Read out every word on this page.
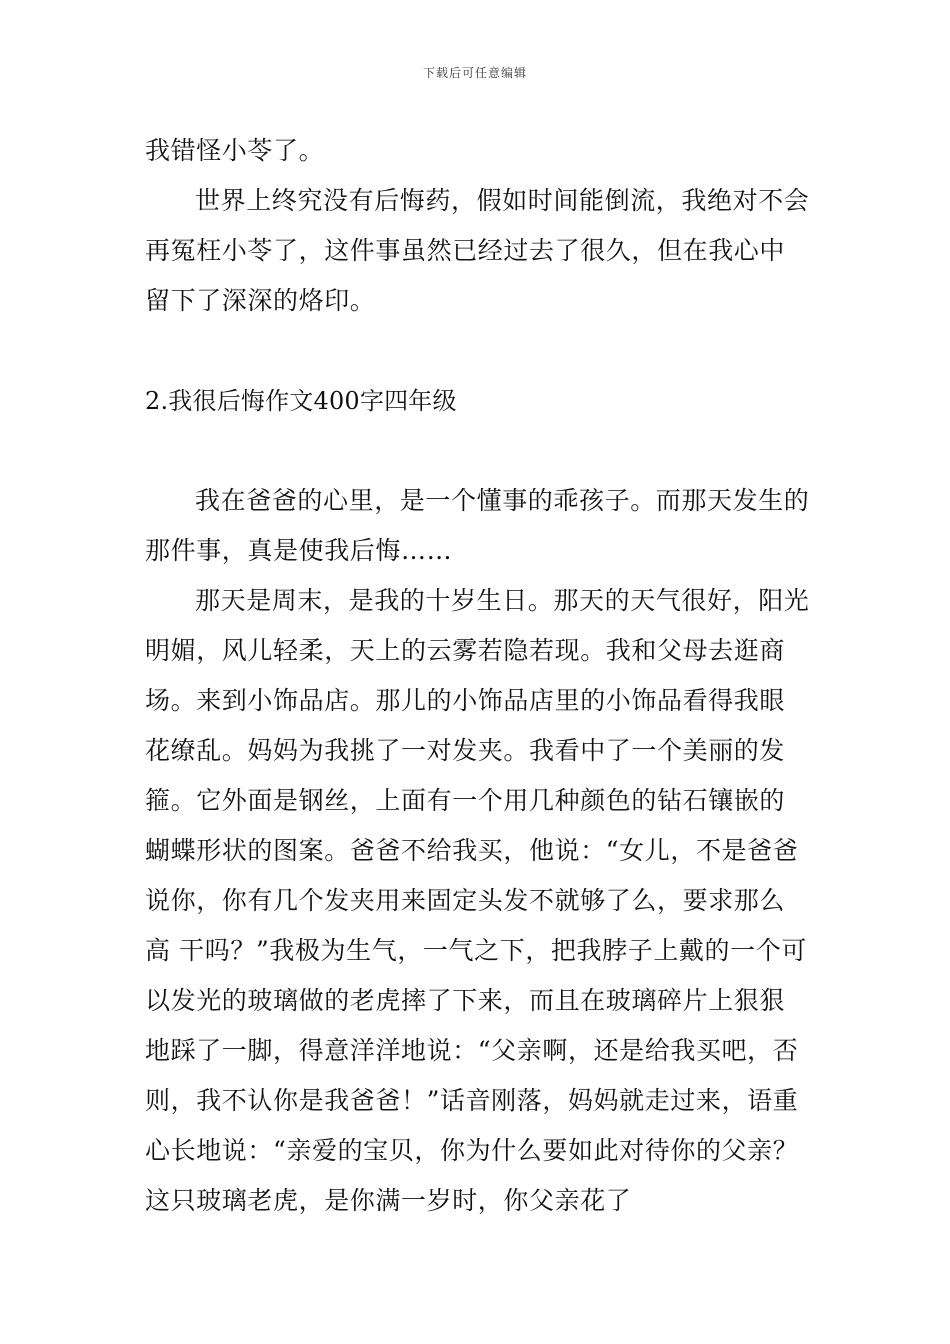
下载后可任意编辑

我错怪小苓了。

世界上终究没有后悔药，假如时间能倒流，我绝对不会再冤枉小苓了，这件事虽然已经过去了很久，但在我心中留下了深深的烙印。

2.我很后悔作文400字四年级

我在爸爸的心里，是一个懂事的乖孩子。而那天发生的那件事，真是使我后悔……

那天是周末，是我的十岁生日。那天的天气很好，阳光明媚，风儿轻柔，天上的云雾若隐若现。我和父母去逛商场。来到小饰品店。那儿的小饰品店里的小饰品看得我眼花缭乱。妈妈为我挑了一对发夹。我看中了一个美丽的发箍。它外面是钢丝，上面有一个用几种颜色的钻石镶嵌的蝴蝶形状的图案。爸爸不给我买，他说：“女儿，不是爸爸说你，你有几个发夹用来固定头发不就够了么，要求那么高 干吗？”我极为生气，一气之下，把我脖子上戴的一个可以发光的玻璃做的老虎摔了下来，而且在玻璃碎片上狠狠地踩了一脚，得意洋洋地说：“父亲啊，还是给我买吧，否则，我不认你是我爸爸！”话音刚落，妈妈就走过来，语重心长地说：“亲爱的宝贝，你为什么要如此对待你的父亲？这只玻璃老虎，是你满一岁时，你父亲花了
